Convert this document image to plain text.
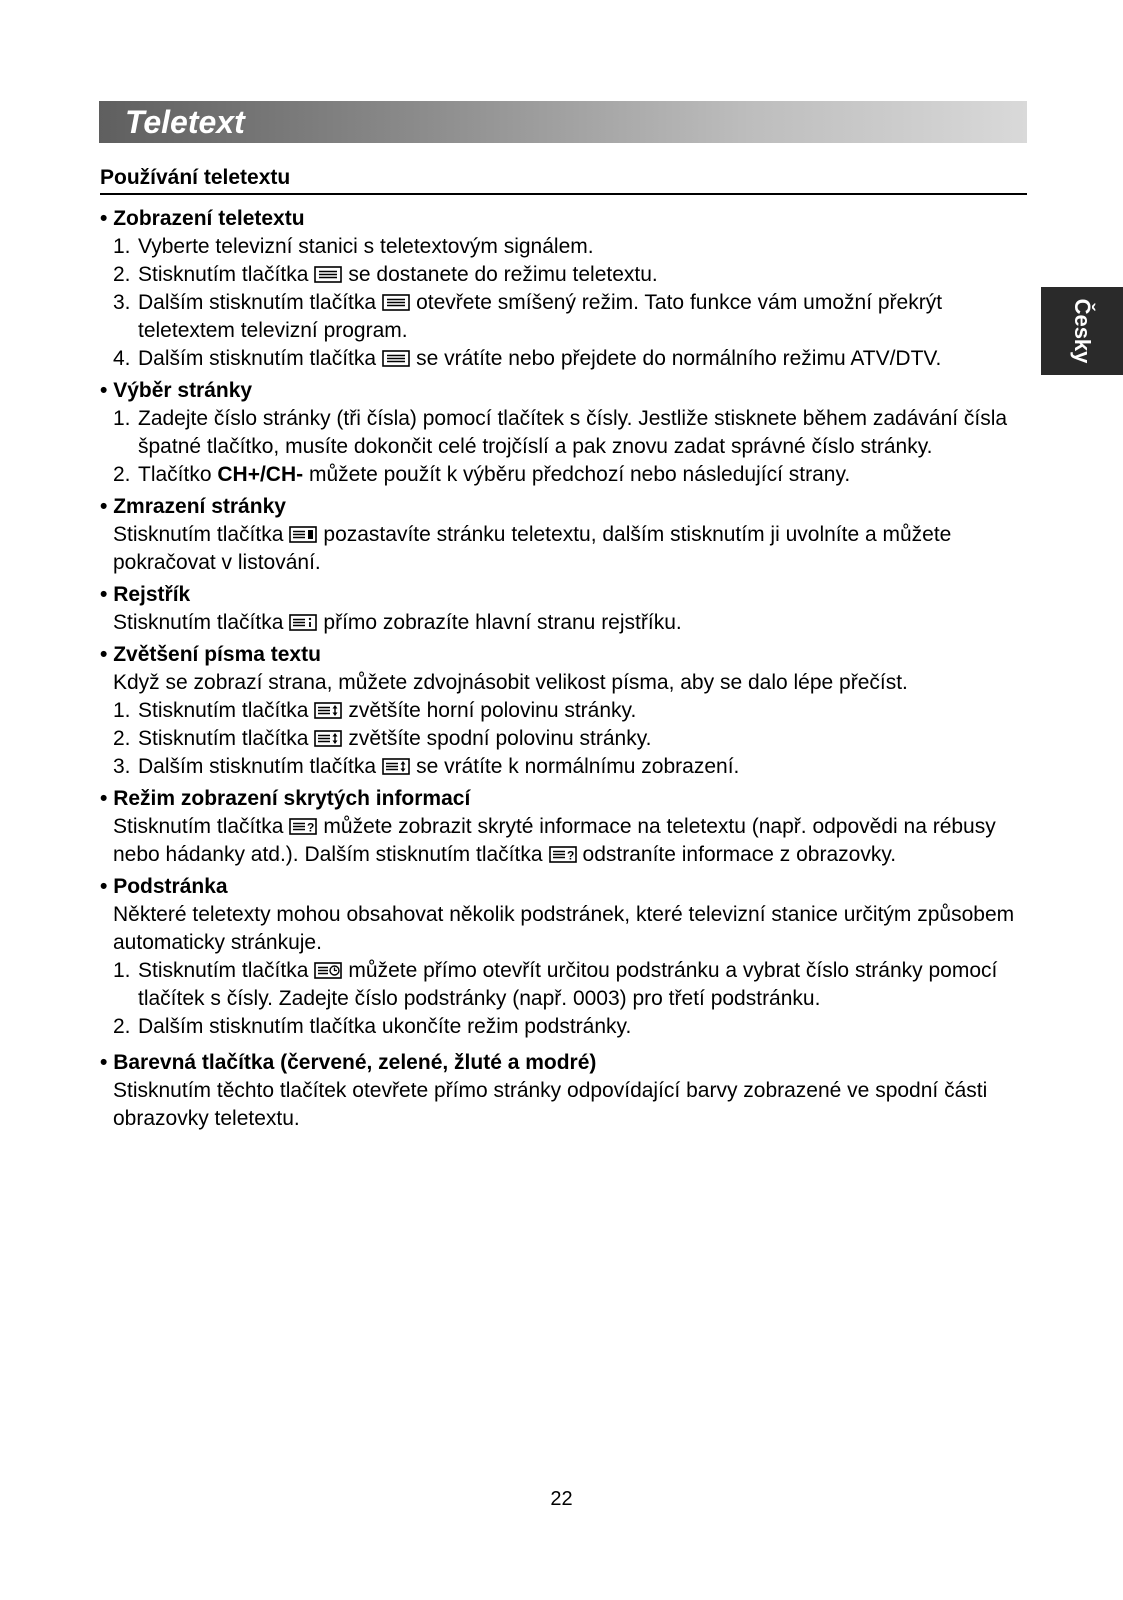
Teletext
Používání teletextu
Česky
• Zobrazení teletextu
1. Vyberte televizní stanici s teletextovým signálem.
2. Stisknutím tlačítka se dostanete do režimu teletextu.
3. Dalším stisknutím tlačítka otevřete smíšený režim. Tato funkce vám umožní překrýt teletextem televizní program.
4. Dalším stisknutím tlačítka se vrátíte nebo přejdete do normálního režimu ATV/DTV.
• Výběr stránky
1. Zadejte číslo stránky (tři čísla) pomocí tlačítek s čísly. Jestliže stisknete během zadávání čísla špatné tlačítko, musíte dokončit celé trojčíslí a pak znovu zadat správné číslo stránky.
2. Tlačítko CH+/CH- můžete použít k výběru předchozí nebo následující strany.
• Zmrazení stránky
Stisknutím tlačítka pozastavíte stránku teletextu, dalším stisknutím ji uvolníte a můžete pokračovat v listování.
• Rejstřík
Stisknutím tlačítka přímo zobrazíte hlavní stranu rejstříku.
• Zvětšení písma textu
Když se zobrazí strana, můžete zdvojnásobit velikost písma, aby se dalo lépe přečíst.
1. Stisknutím tlačítka zvětšíte horní polovinu stránky.
2. Stisknutím tlačítka zvětšíte spodní polovinu stránky.
3. Dalším stisknutím tlačítka se vrátíte k normálnímu zobrazení.
• Režim zobrazení skrytých informací
Stisknutím tlačítka ? můžete zobrazit skryté informace na teletextu (např. odpovědi na rébusy nebo hádanky atd.). Dalším stisknutím tlačítka ? odstraníte informace z obrazovky.
• Podstránka
Některé teletexty mohou obsahovat několik podstránek, které televizní stanice určitým způsobem automaticky stránkuje.
1. Stisknutím tlačítka můžete přímo otevřít určitou podstránku a vybrat číslo stránky pomocí tlačítek s čísly. Zadejte číslo podstránky (např. 0003) pro třetí podstránku.
2. Dalším stisknutím tlačítka ukončíte režim podstránky.
• Barevná tlačítka (červené, zelené, žluté a modré)
Stisknutím těchto tlačítek otevřete přímo stránky odpovídající barvy zobrazené ve spodní části obrazovky teletextu.
22
